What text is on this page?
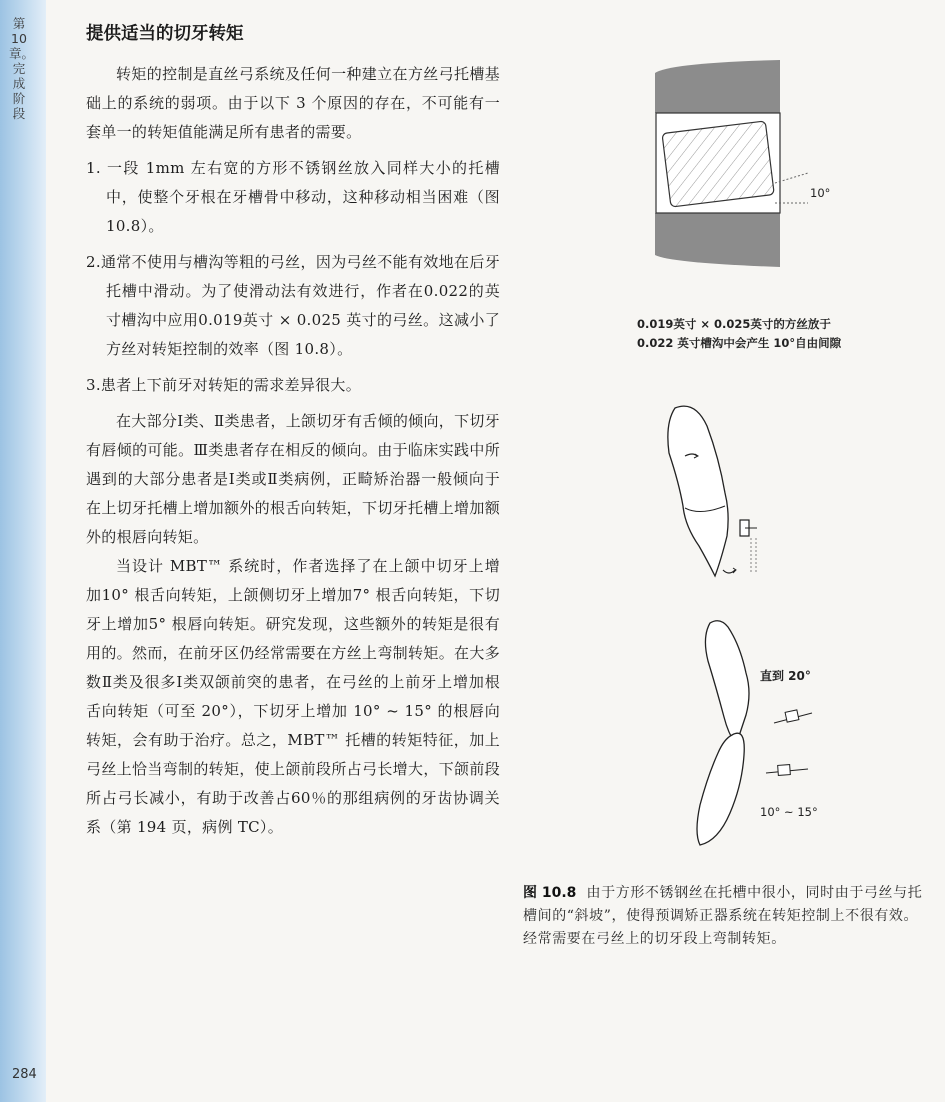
第10章。完成阶段
284
提供适当的切牙转矩

转矩的控制是直丝弓系统及任何一种建立在方丝弓托槽基础上的系统的弱项。由于以下 3 个原因的存在，不可能有一套单一的转矩值能满足所有患者的需要。

1. 一段 1mm 左右宽的方形不锈钢丝放入同样大小的托槽中，使整个牙根在牙槽骨中移动，这种移动相当困难（图 10.8）。

2.通常不使用与槽沟等粗的弓丝，因为弓丝不能有效地在后牙托槽中滑动。为了使滑动法有效进行，作者在0.022的英寸槽沟中应用0.019英寸 × 0.025 英寸的弓丝。这减小了方丝对转矩控制的效率（图 10.8）。

3.患者上下前牙对转矩的需求差异很大。

在大部分Ⅰ类、Ⅱ类患者，上颌切牙有舌倾的倾向，下切牙有唇倾的可能。Ⅲ类患者存在相反的倾向。由于临床实践中所遇到的大部分患者是Ⅰ类或Ⅱ类病例，正畸矫治器一般倾向于在上切牙托槽上增加额外的根舌向转矩，下切牙托槽上增加额外的根唇向转矩。

当设计 MBT™ 系统时，作者选择了在上颌中切牙上增加10° 根舌向转矩，上颌侧切牙上增加7° 根舌向转矩，下切牙上增加5° 根唇向转矩。研究发现，这些额外的转矩是很有用的。然而，在前牙区仍经常需要在方丝上弯制转矩。在大多数Ⅱ类及很多Ⅰ类双颌前突的患者，在弓丝的上前牙上增加根舌向转矩（可至 20°），下切牙上增加 10° ~ 15° 的根唇向转矩，会有助于治疗。总之，MBT™ 托槽的转矩特征，加上弓丝上恰当弯制的转矩，使上颌前段所占弓长增大，下颌前段所占弓长减小，有助于改善占60％的那组病例的牙齿协调关系（第 194 页，病例 TC）。

10°
0.019英寸 × 0.025英寸的方丝放于0.022 英寸槽沟中会产生 10°自由间隙
直到 20°
10° ~ 15°
图 10.8 由于方形不锈钢丝在托槽中很小，同时由于弓丝与托槽间的“斜坡”，使得预调矫正器系统在转矩控制上不很有效。经常需要在弓丝上的切牙段上弯制转矩。
